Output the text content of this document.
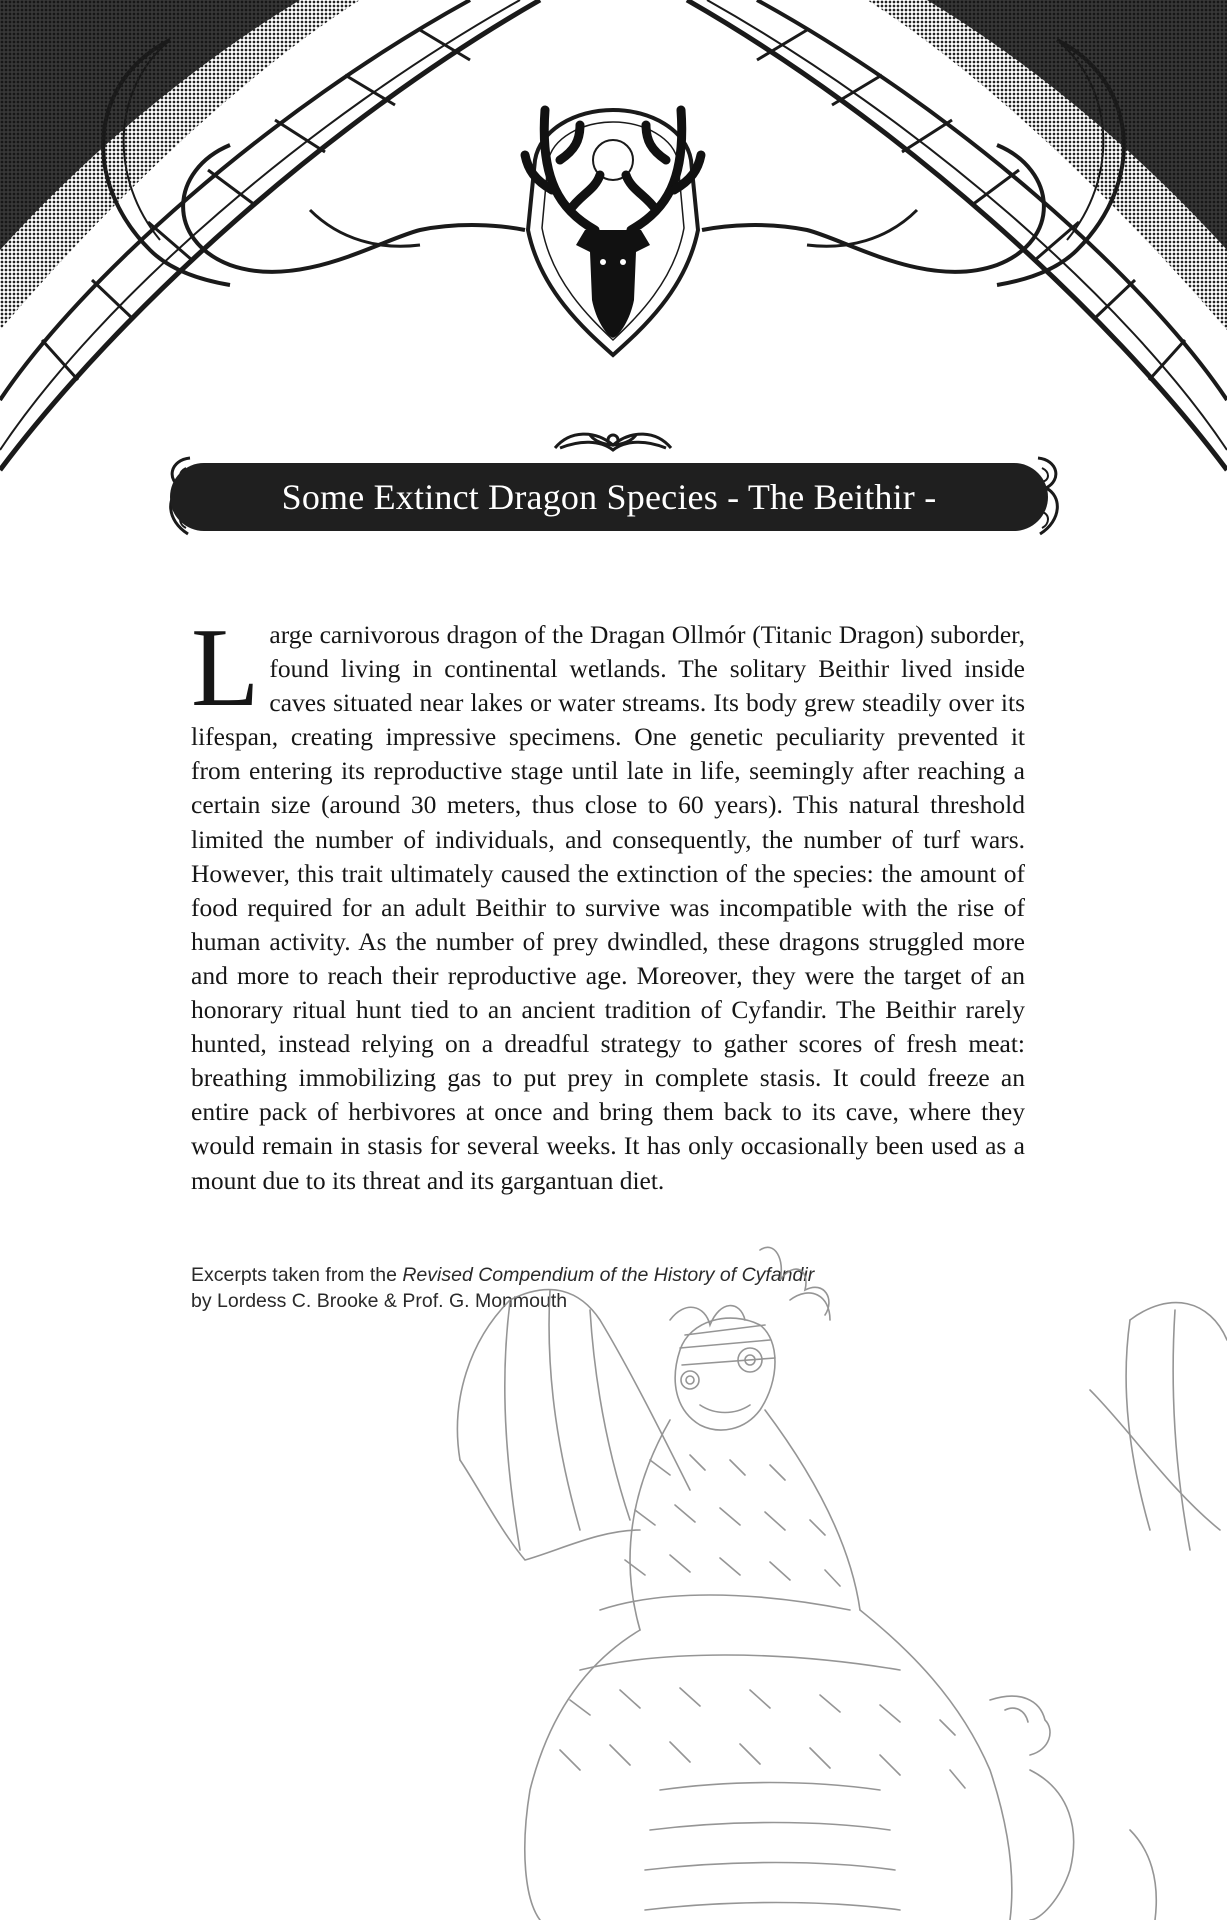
Some Extinct Dragon Species - The Beithir -

Large carnivorous dragon of the Dragan Ollmór (Titanic Dragon) suborder, found living in continental wetlands. The solitary Beithir lived inside caves situated near lakes or water streams. Its body grew steadily over its lifespan, creating impressive specimens. One genetic peculiarity prevented it from entering its reproductive stage until late in life, seemingly after reaching a certain size (around 30 meters, thus close to 60 years). This natural threshold limited the number of individuals, and consequently, the number of turf wars. However, this trait ultimately caused the extinction of the species: the amount of food required for an adult Beithir to survive was incompatible with the rise of human activity. As the number of prey dwindled, these dragons struggled more and more to reach their reproductive age. Moreover, they were the target of an honorary ritual hunt tied to an ancient tradition of Cyfandir. The Beithir rarely hunted, instead relying on a dreadful strategy to gather scores of fresh meat: breathing immobilizing gas to put prey in complete stasis. It could freeze an entire pack of herbivores at once and bring them back to its cave, where they would remain in stasis for several weeks. It has only occasionally been used as a mount due to its threat and its gargantuan diet.

Excerpts taken from the Revised Compendium of the History of Cyfandir
by Lordess C. Brooke & Prof. G. Monmouth
